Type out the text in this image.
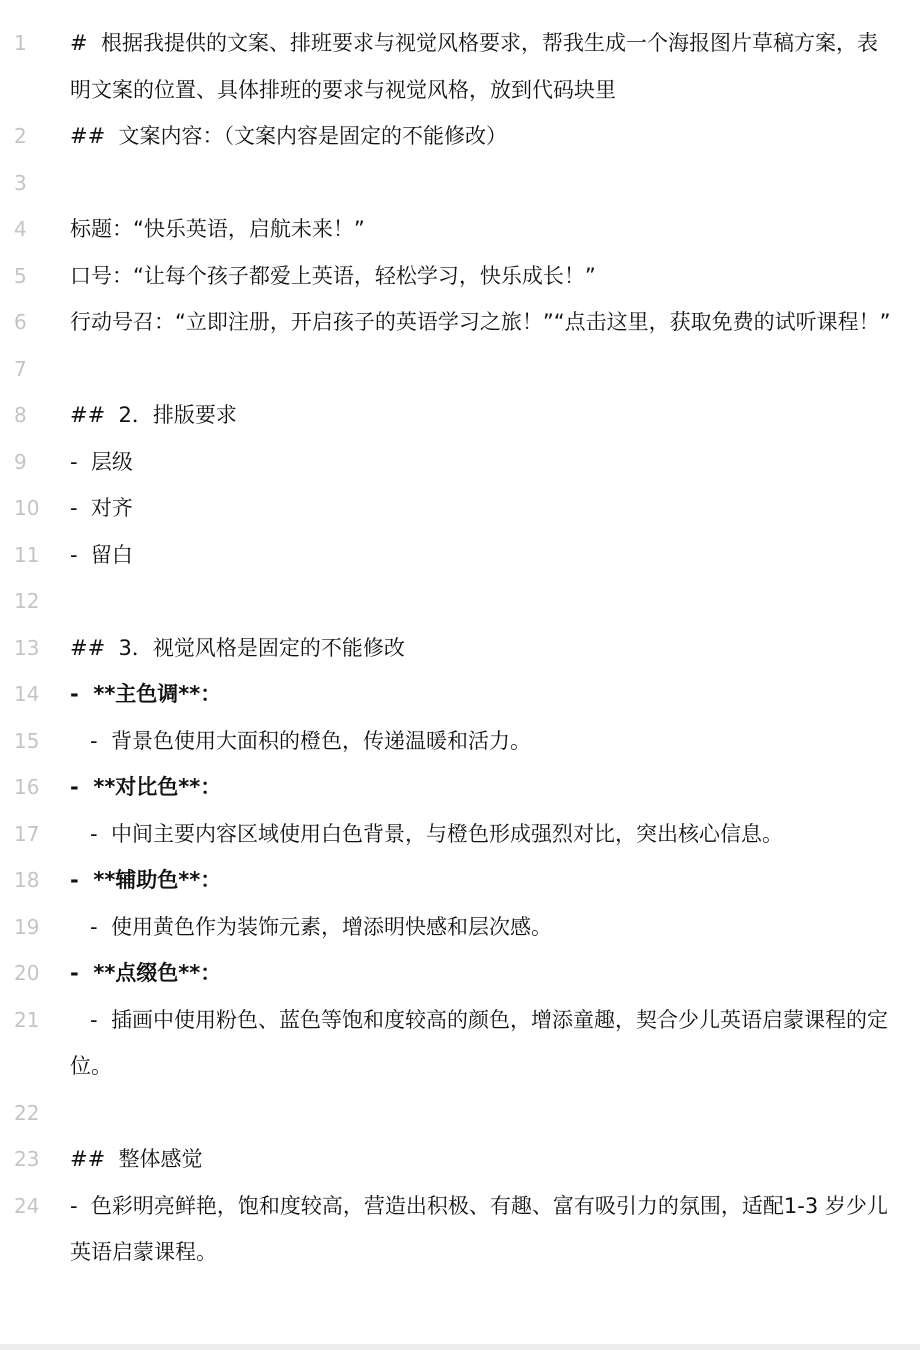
1	#  根据我提供的文案、排班要求与视觉风格要求，帮我生成一个海报图片草稿方案，表明文案的位置、具体排班的要求与视觉风格，放到代码块里
2	##  文案内容：（文案内容是固定的不能修改）
3
4	标题：“快乐英语，启航未来！”
5	口号：“让每个孩子都爱上英语，轻松学习，快乐成长！”
6	行动号召：“立即注册，开启孩子的英语学习之旅！”“点击这里，获取免费的试听课程！”
7
8	##  2．排版要求
9	-  层级
10	-  对齐
11	-  留白
12
13	##  3．视觉风格是固定的不能修改
14	-  **主色调**：
15	-  背景色使用大面积的橙色，传递温暖和活力。
16	-  **对比色**：
17	-  中间主要内容区域使用白色背景，与橙色形成强烈对比，突出核心信息。
18	-  **辅助色**：
19	-  使用黄色作为装饰元素，增添明快感和层次感。
20	-  **点缀色**：
21	-  插画中使用粉色、蓝色等饱和度较高的颜色，增添童趣，契合少儿英语启蒙课程的定位。
22
23	##  整体感觉
24	-  色彩明亮鲜艳，饱和度较高，营造出积极、有趣、富有吸引力的氛围，适配1-3 岁少儿英语启蒙课程。
